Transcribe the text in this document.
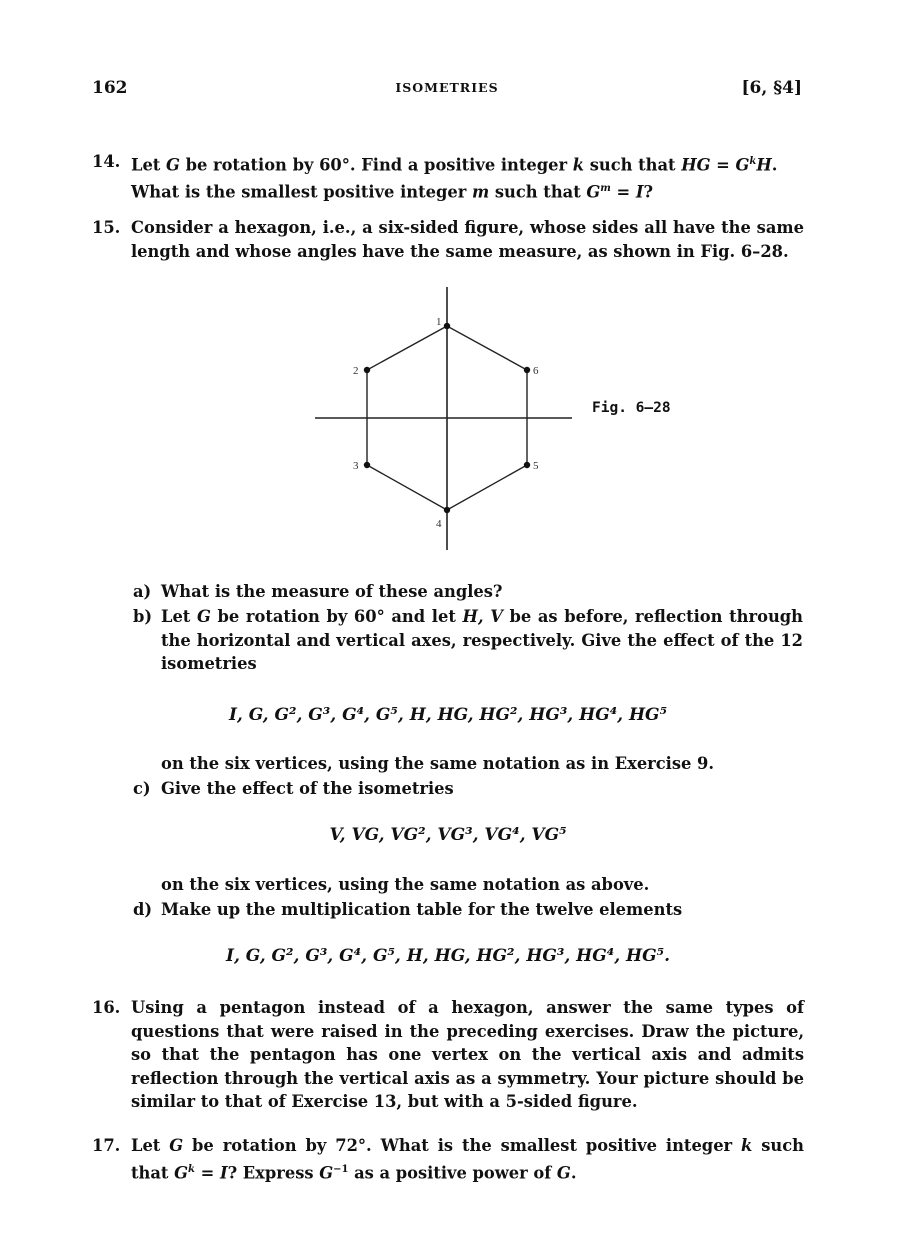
162	ISOMETRIES	[6, §4]
14. Let G be rotation by 60°. Find a positive integer k such that HG = $G^kH$.
What is the smallest positive integer m such that $G^m = I$?
15. Consider a hexagon, i.e., a six-sided figure, whose sides all have the same length and whose angles have the same measure, as shown in Fig. 6–28.
1
2
3
4
5
6
Fig. 6–28
a) What is the measure of these angles?
b) Let G be rotation by 60° and let H, V be as before, reflection through the horizontal and vertical axes, respectively. Give the effect of the 12 isometries
I, G, G², G³, G⁴, G⁵, H, HG, HG², HG³, HG⁴, HG⁵
on the six vertices, using the same notation as in Exercise 9.
c) Give the effect of the isometries
V, VG, VG², VG³, VG⁴, VG⁵
on the six vertices, using the same notation as above.
d) Make up the multiplication table for the twelve elements
I, G, G², G³, G⁴, G⁵, H, HG, HG², HG³, HG⁴, HG⁵.
16. Using a pentagon instead of a hexagon, answer the same types of questions that were raised in the preceding exercises. Draw the picture, so that the pentagon has one vertex on the vertical axis and admits reflection through the vertical axis as a symmetry. Your picture should be similar to that of Exercise 13, but with a 5-sided figure.
17. Let G be rotation by 72°. What is the smallest positive integer k such that $G^k = I$? Express $G^{-1}$ as a positive power of G.
